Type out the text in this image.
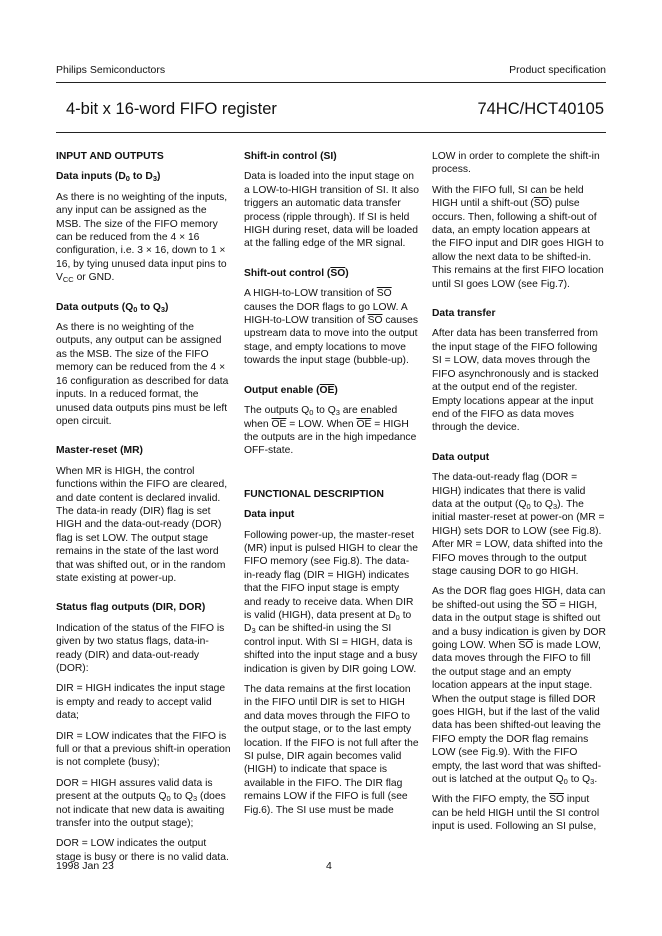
Philips Semiconductors	Product specification
4-bit x 16-word FIFO register	74HC/HCT40105
INPUT AND OUTPUTS
Data inputs ($D_0$ to $D_3$)

As there is no weighting of the inputs, any input can be assigned as the MSB. The size of the FIFO memory can be reduced from the 4 × 16 configuration, i.e. 3 × 16, down to 1 × 16, by tying unused data input pins to $V_{CC}$ or GND.

Data outputs ($Q_0$ to $Q_3$)

As there is no weighting of the outputs, any output can be assigned as the MSB. The size of the FIFO memory can be reduced from the 4 × 16 configuration as described for data inputs. In a reduced format, the unused data outputs pins must be left open circuit.

Master-reset (MR)

When MR is HIGH, the control functions within the FIFO are cleared, and date content is declared invalid. The data-in ready (DIR) flag is set HIGH and the data-out-ready (DOR) flag is set LOW. The output stage remains in the state of the last word that was shifted out, or in the random state existing at power-up.

Status flag outputs (DIR, DOR)

Indication of the status of the FIFO is given by two status flags, data-in-ready (DIR) and data-out-ready (DOR):

DIR = HIGH indicates the input stage is empty and ready to accept valid data;

DIR = LOW indicates that the FIFO is full or that a previous shift-in operation is not complete (busy);

DOR = HIGH assures valid data is present at the outputs $Q_0$ to $Q_3$ (does not indicate that new data is awaiting transfer into the output stage);

DOR = LOW indicates the output stage is busy or there is no valid data.

Shift-in control (SI)

Data is loaded into the input stage on a LOW-to-HIGH transition of SI. It also triggers an automatic data transfer process (ripple through). If SI is held HIGH during reset, data will be loaded at the falling edge of the MR signal.

Shift-out control (SO)

A HIGH-to-LOW transition of $\overline{SO}$ causes the DOR flags to go LOW. A HIGH-to-LOW transition of $\overline{SO}$ causes upstream data to move into the output stage, and empty locations to move towards the input stage (bubble-up).

Output enable (OE)

The outputs $Q_0$ to $Q_3$ are enabled when $\overline{OE}$ = LOW. When $\overline{OE}$ = HIGH the outputs are in the high impedance OFF-state.

FUNCTIONAL DESCRIPTION
Data input

Following power-up, the master-reset (MR) input is pulsed HIGH to clear the FIFO memory (see Fig.8). The data-in-ready flag (DIR = HIGH) indicates that the FIFO input stage is empty and ready to receive data. When DIR is valid (HIGH), data present at $D_0$ to $D_3$ can be shifted-in using the SI control input. With SI = HIGH, data is shifted into the input stage and a busy indication is given by DIR going LOW.

The data remains at the first location in the FIFO until DIR is set to HIGH and data moves through the FIFO to the output stage, or to the last empty location. If the FIFO is not full after the SI pulse, DIR again becomes valid (HIGH) to indicate that space is available in the FIFO. The DIR flag remains LOW if the FIFO is full (see Fig.6). The SI use must be made

LOW in order to complete the shift-in process.

With the FIFO full, SI can be held HIGH until a shift-out $(\overline{SO})$ pulse occurs. Then, following a shift-out of data, an empty location appears at the FIFO input and DIR goes HIGH to allow the next data to be shifted-in. This remains at the first FIFO location until SI goes LOW (see Fig.7).

Data transfer

After data has been transferred from the input stage of the FIFO following SI = LOW, data moves through the FIFO asynchronously and is stacked at the output end of the register. Empty locations appear at the input end of the FIFO as data moves through the device.

Data output

The data-out-ready flag (DOR = HIGH) indicates that there is valid data at the output ($Q_0$ to $Q_3$). The initial master-reset at power-on (MR = HIGH) sets DOR to LOW (see Fig.8). After MR = LOW, data shifted into the FIFO moves through to the output stage causing DOR to go HIGH.

As the DOR flag goes HIGH, data can be shifted-out using the $\overline{SO}$ = HIGH, data in the output stage is shifted out and a busy indication is given by DOR going LOW. When $\overline{SO}$ is made LOW, data moves through the FIFO to fill the output stage and an empty location appears at the input stage. When the output stage is filled DOR goes HIGH, but if the last of the valid data has been shifted-out leaving the FIFO empty the DOR flag remains LOW (see Fig.9). With the FIFO empty, the last word that was shifted-out is latched at the output $Q_0$ to $Q_3$.

With the FIFO empty, the $\overline{SO}$ input can be held HIGH until the SI control input is used. Following an SI pulse,

1998 Jan 23	4
